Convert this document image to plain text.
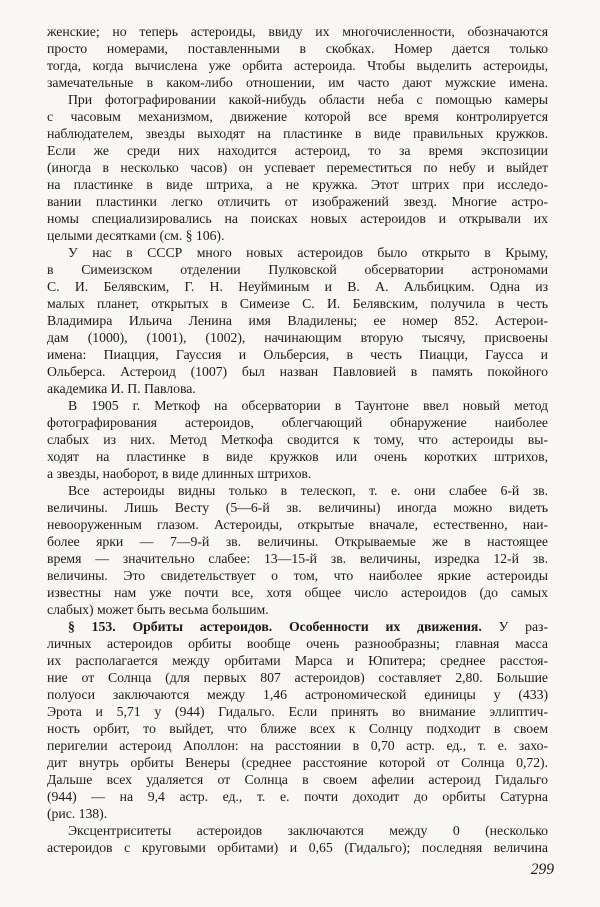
женские; но теперь астероиды, ввиду их многочисленности, обозначаются
просто номерами, поставленными в скобках. Номер дается только
тогда, когда вычислена уже орбита астероида. Чтобы выделить астероиды,
замечательные в каком-либо отношении, им часто дают мужские имена.
При фотографировании какой-нибудь области неба с помощью камеры
с часовым механизмом, движение которой все время контролируется
наблюдателем, звезды выходят на пластинке в виде правильных кружков.
Если же среди них находится астероид, то за время экспозиции
(иногда в несколько часов) он успевает переместиться по небу и выйдет
на пластинке в виде штриха, а не кружка. Этот штрих при исследо-
вании пластинки легко отличить от изображений звезд. Многие астро-
номы специализировались на поисках новых астероидов и открывали их
целыми десятками (см. § 106).
У нас в СССР много новых астероидов было открыто в Крыму,
в Симеизском отделении Пулковской обсерватории астрономами
С. И. Белявским, Г. Н. Неуйминым и В. А. Альбицким. Одна из
малых планет, открытых в Симеизе С. И. Белявским, получила в честь
Владимира Ильича Ленина имя Владилены; ее номер 852. Астерои-
дам (1000), (1001), (1002), начинающим вторую тысячу, присвоены
имена: Пиацция, Гауссия и Ольберсия, в честь Пиацци, Гаусса и
Ольберса. Астероид (1007) был назван Павловией в память покойного
академика И. П. Павлова.
В 1905 г. Меткоф на обсерватории в Таунтоне ввел новый метод
фотографирования астероидов, облегчающий обнаружение наиболее
слабых из них. Метод Меткофа сводится к тому, что астероиды вы-
ходят на пластинке в виде кружков или очень коротких штрихов,
а звезды, наоборот, в виде длинных штрихов.
Все астероиды видны только в телескоп, т. е. они слабее 6-й зв.
величины. Лишь Весту (5—6-й зв. величины) иногда можно видеть
невооруженным глазом. Астероиды, открытые вначале, естественно, наи-
более ярки — 7—9-й зв. величины. Открываемые же в настоящее
время — значительно слабее: 13—15-й зв. величины, изредка 12-й зв.
величины. Это свидетельствует о том, что наиболее яркие астероиды
известны нам уже почти все, хотя общее число астероидов (до самых
слабых) может быть весьма большим.
§ 153. Орбиты астероидов. Особенности их движения. У раз-
личных астероидов орбиты вообще очень разнообразны; главная масса
их располагается между орбитами Марса и Юпитера; среднее расстоя-
ние от Солнца (для первых 807 астероидов) составляет 2,80. Большие
полуоси заключаются между 1,46 астрономической единицы у (433)
Эрота и 5,71 у (944) Гидальго. Если принять во внимание эллиптич-
ность орбит, то выйдет, что ближе всех к Солнцу подходит в своем
перигелии астероид Аполлон: на расстоянии в 0,70 астр. ед., т. е. захо-
дит внутрь орбиты Венеры (среднее расстояние которой от Солнца 0,72).
Дальше всех удаляется от Солнца в своем афелии астероид Гидальго
(944) — на 9,4 астр. ед., т. е. почти доходит до орбиты Сатурна
(рис. 138).
Эксцентриситеты астероидов заключаются между 0 (несколько
астероидов с круговыми орбитами) и 0,65 (Гидальго); последняя величина
299
